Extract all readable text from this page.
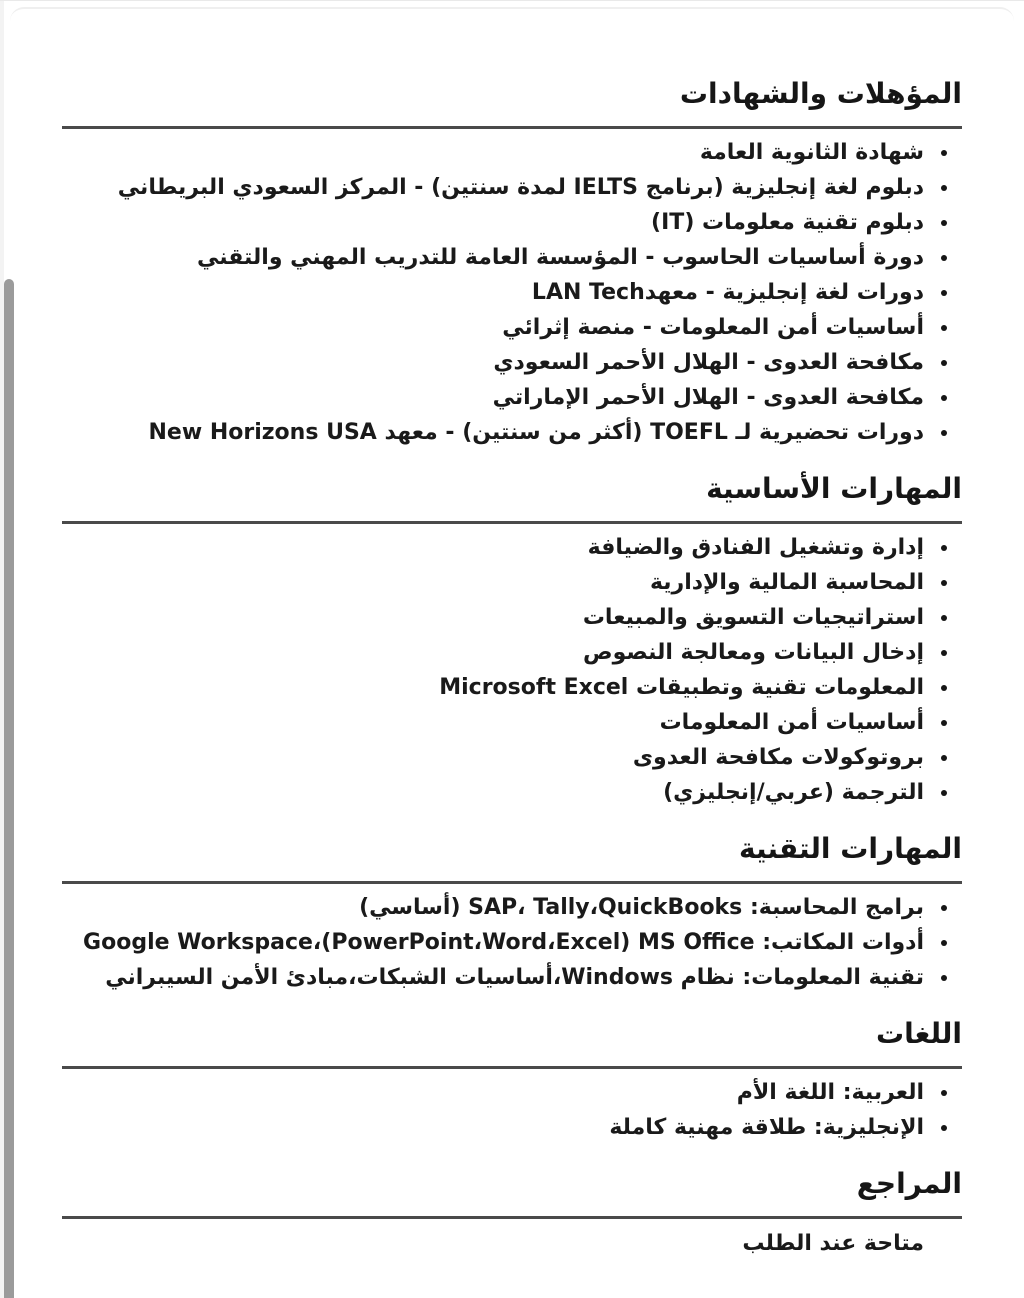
المؤهلات والشهادات
شهادة الثانوية العامة
دبلوم لغة إنجليزية (برنامج IELTS لمدة سنتين) - المركز السعودي البريطاني
دبلوم تقنية معلومات (IT)
دورة أساسيات الحاسوب - المؤسسة العامة للتدريب المهني والتقني
دورات لغة إنجليزية - معهدLAN Tech
أساسيات أمن المعلومات - منصة إثرائي
مكافحة العدوى - الهلال الأحمر السعودي
مكافحة العدوى - الهلال الأحمر الإماراتي
دورات تحضيرية لـ TOEFL (أكثر من سنتين) - معهد New Horizons USA
المهارات الأساسية
إدارة وتشغيل الفنادق والضيافة
المحاسبة المالية والإدارية
استراتيجيات التسويق والمبيعات
إدخال البيانات ومعالجة النصوص
المعلومات تقنية وتطبيقات Microsoft Excel
أساسيات أمن المعلومات
بروتوكولات مكافحة العدوى
الترجمة (عربي/إنجليزي)
المهارات التقنية
برامج المحاسبة: SAP، Tally،QuickBooks (أساسي)
أدوات المكاتب: Google Workspace،(PowerPoint،Word،Excel) MS Office
تقنية المعلومات: نظام Windows،أساسيات الشبكات،مبادئ الأمن السيبراني
اللغات
العربية: اللغة الأم
الإنجليزية: طلاقة مهنية كاملة
المراجع

متاحة عند الطلب
